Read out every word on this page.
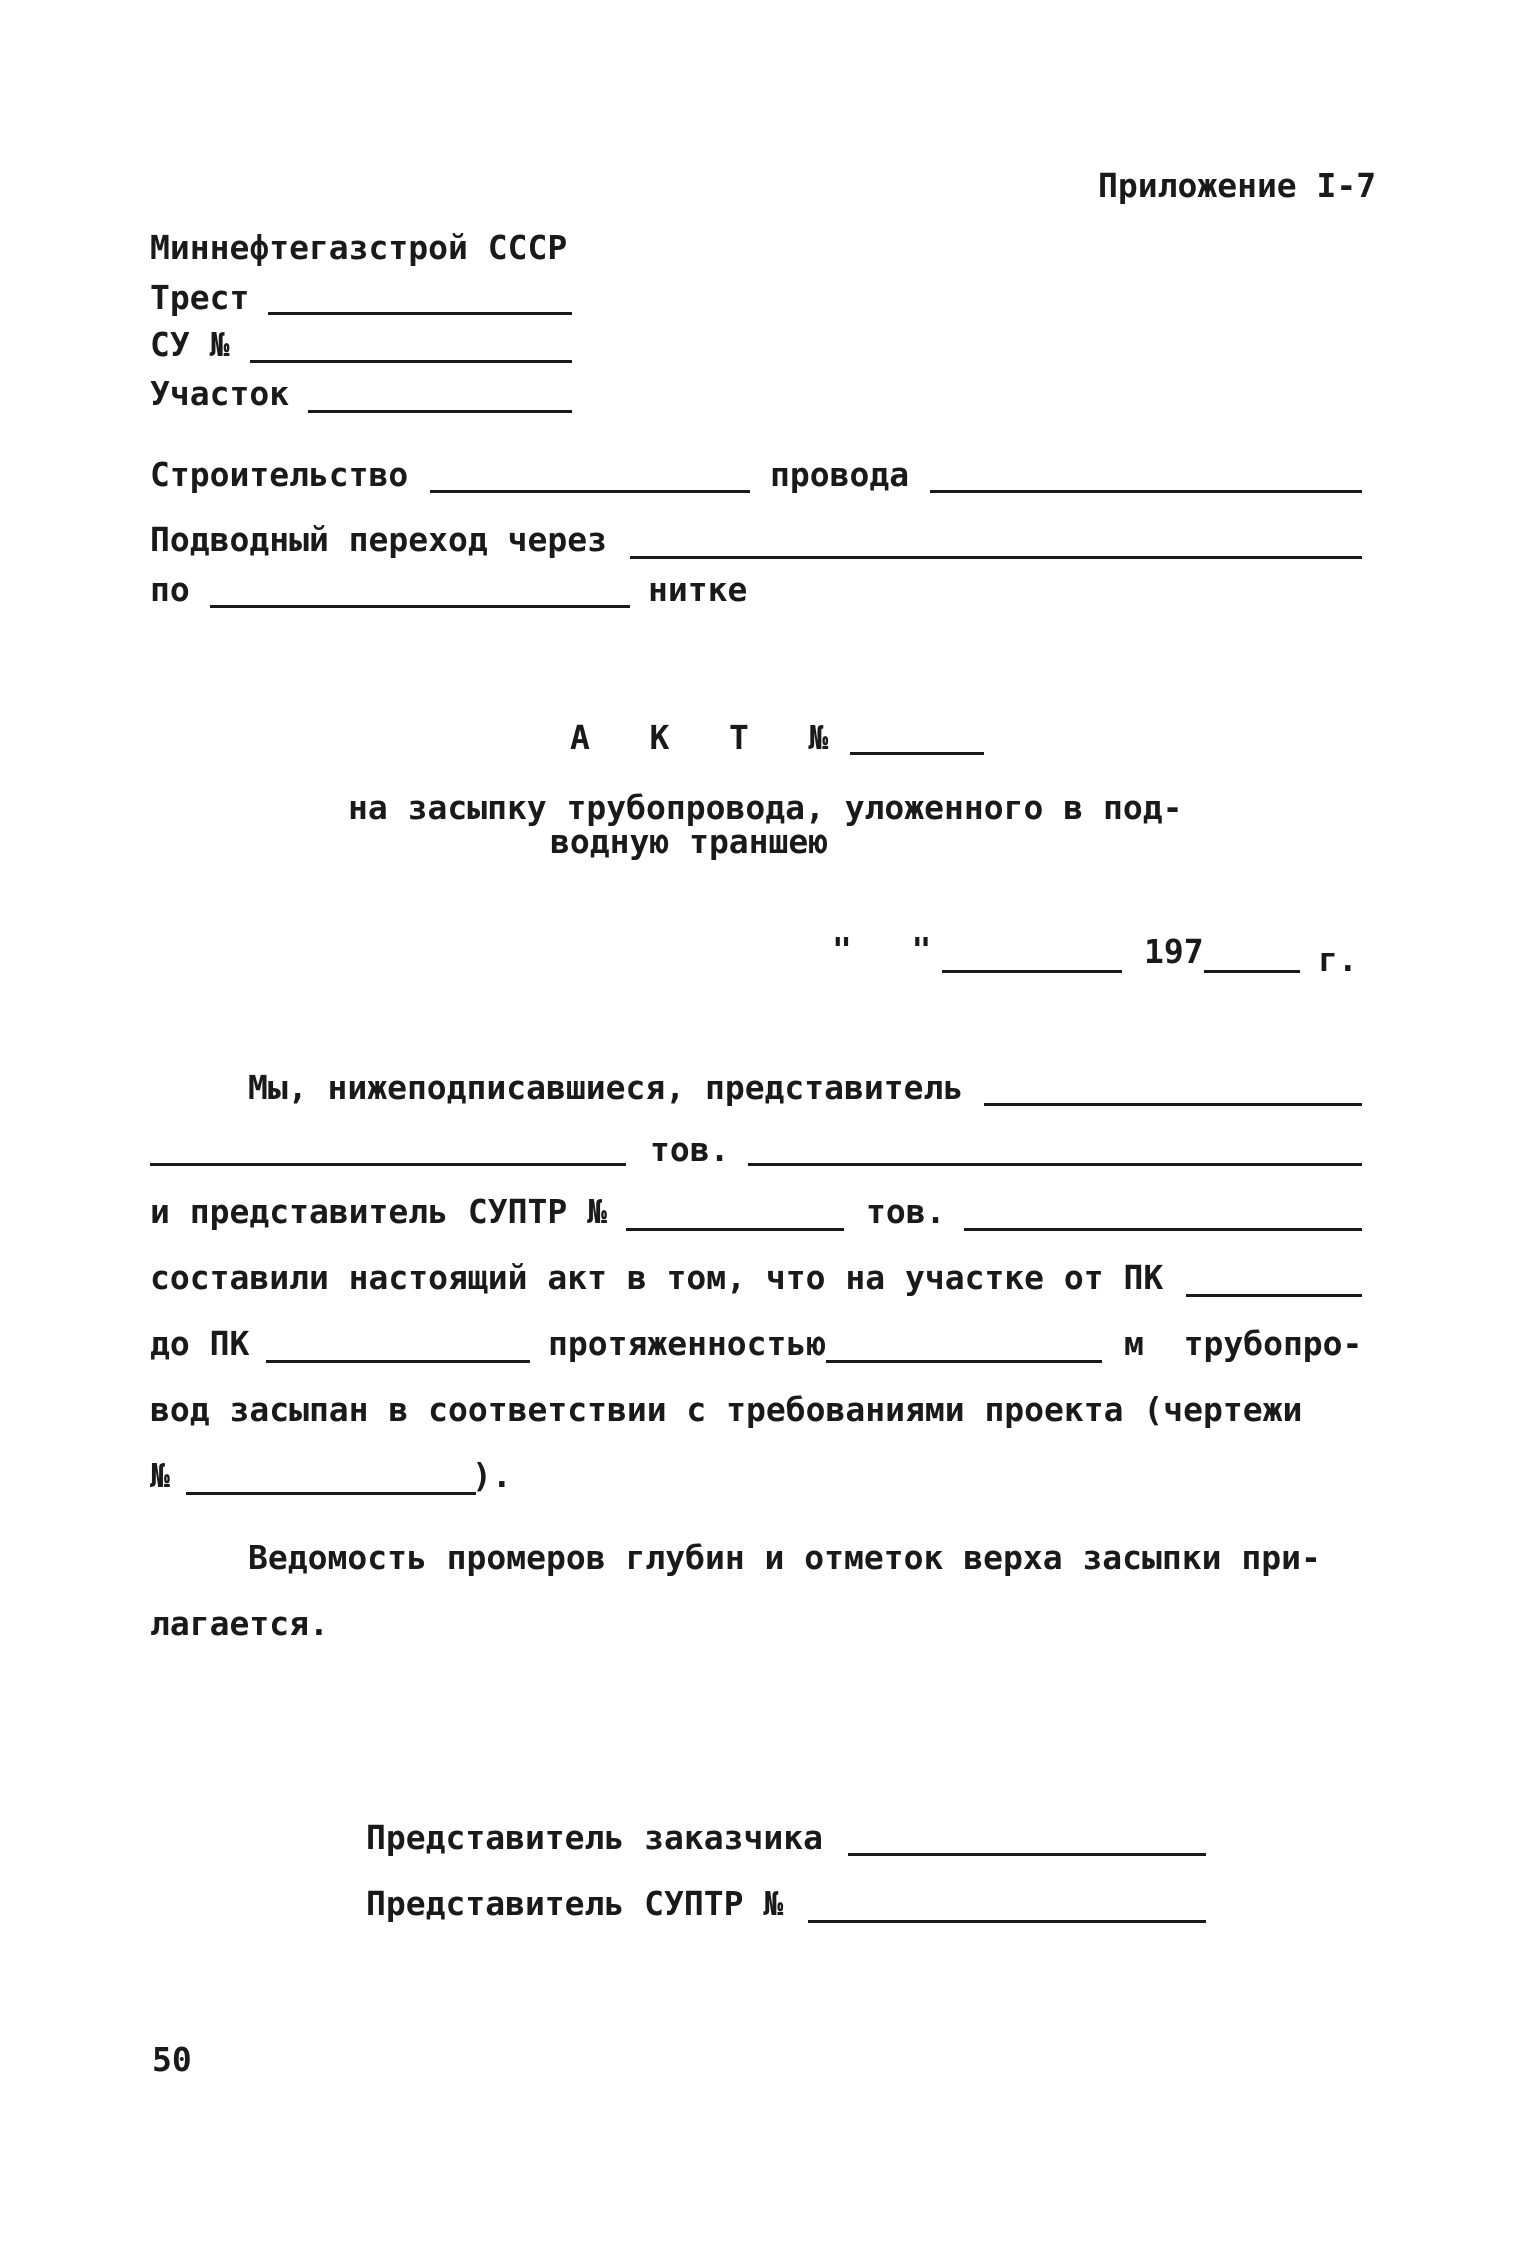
Приложение I-7
Миннефтегазстрой СССР
Трест
СУ №
Участок
Строительство	провода
Подводный переход через
по	нитке
А   К   Т   №
на засыпку трубопровода, уложенного в под-
водную траншею
"   "	197	г.
Мы, нижеподписавшиеся, представитель
тов.
и представитель СУПТР №	тов.
составили настоящий акт в том, что на участке от ПК
до ПК	протяженностью	м  трубопро-
вод засыпан в соответствии с требованиями проекта (чертежи
№	).
Ведомость промеров глубин и отметок верха засыпки при-
лагается.
Представитель заказчика
Представитель СУПТР №
50
